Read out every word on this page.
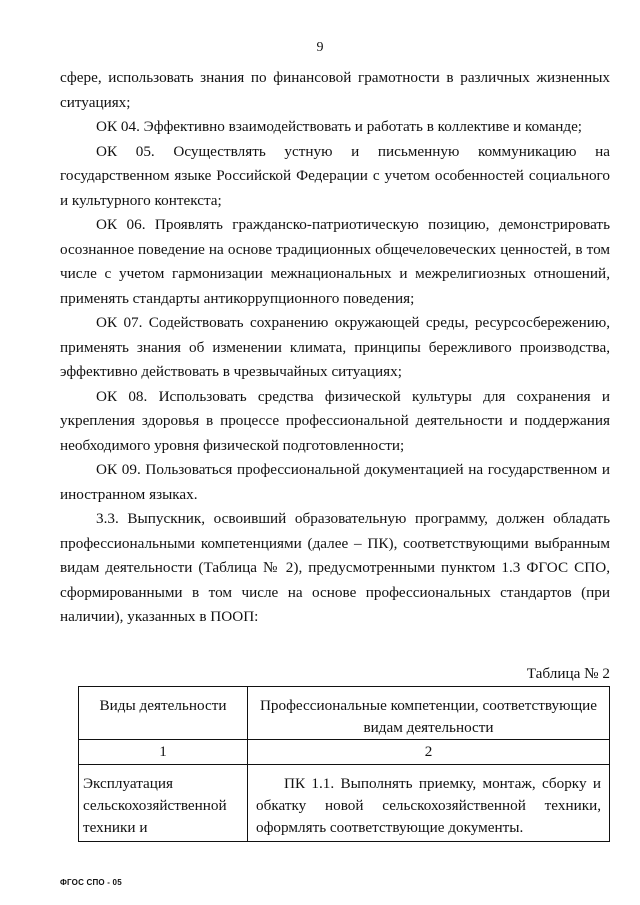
9

сфере, использовать знания по финансовой грамотности в различных жизненных ситуациях;

ОК 04. Эффективно взаимодействовать и работать в коллективе и команде;

ОК 05. Осуществлять устную и письменную коммуникацию на государственном языке Российской Федерации с учетом особенностей социального и культурного контекста;

ОК 06. Проявлять гражданско-патриотическую позицию, демонстрировать осознанное поведение на основе традиционных общечеловеческих ценностей, в том числе с учетом гармонизации межнациональных и межрелигиозных отношений, применять стандарты антикоррупционного поведения;

ОК 07. Содействовать сохранению окружающей среды, ресурсосбережению, применять знания об изменении климата, принципы бережливого производства, эффективно действовать в чрезвычайных ситуациях;

ОК 08. Использовать средства физической культуры для сохранения и укрепления здоровья в процессе профессиональной деятельности и поддержания необходимого уровня физической подготовленности;

ОК 09. Пользоваться профессиональной документацией на государственном и иностранном языках.

3.3. Выпускник, освоивший образовательную программу, должен обладать профессиональными компетенциями (далее – ПК), соответствующими выбранным видам деятельности (Таблица № 2), предусмотренными пунктом 1.3 ФГОС СПО, сформированными в том числе на основе профессиональных стандартов (при наличии), указанных в ПООП:

Таблица № 2
Виды деятельности	Профессиональные компетенции, соответствующие видам деятельности
1	2
Эксплуатация сельскохозяйственной техники и	ПК 1.1. Выполнять приемку, монтаж, сборку и обкатку новой сельскохозяйственной техники, оформлять соответствующие документы.
ФГОС СПО - 05
